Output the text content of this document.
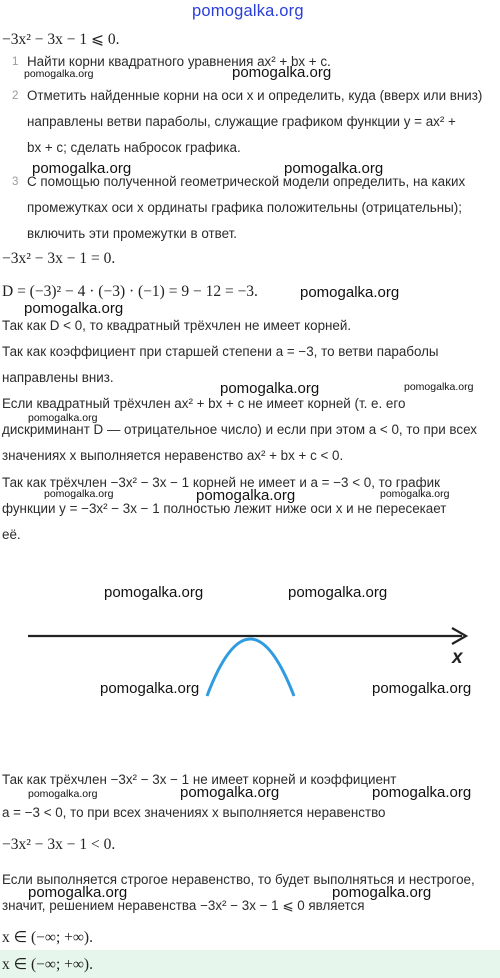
pomogalka.org
−3x² − 3x − 1 ⩽ 0.
1 Найти корни квадратного уравнения ax² + bx + c.
2 Отметить найденные корни на оси x и определить, куда (вверх или вниз)
направлены ветви параболы, служащие графиком функции y = ax² +
bx + c; сделать набросок графика.
3 С помощью полученной геометрической модели определить, на каких
промежутках оси x ординаты графика положительны (отрицательны);
включить эти промежутки в ответ.
−3x² − 3x − 1 = 0.
D = (−3)² − 4 · (−3) · (−1) = 9 − 12 = −3.
Так как D < 0, то квадратный трёхчлен не имеет корней.
Так как коэффициент при старшей степени a = −3, то ветви параболы
направлены вниз.
Если квадратный трёхчлен ax² + bx + c не имеет корней (т. е. его
дискриминант D — отрицательное число) и если при этом a < 0, то при всех
значениях x выполняется неравенство ax² + bx + c < 0.
Так как трёхчлен −3x² − 3x − 1 корней не имеет и a = −3 < 0, то график
функции y = −3x² − 3x − 1 полностью лежит ниже оси x и не пересекает
её.
x
Так как трёхчлен −3x² − 3x − 1 не имеет корней и коэффициент
a = −3 < 0, то при всех значениях x выполняется неравенство
−3x² − 3x − 1 < 0.
Если выполняется строгое неравенство, то будет выполняться и нестрогое,
значит, решением неравенства −3x² − 3x − 1 ⩽ 0 является
x ∈ (−∞; +∞).
x ∈ (−∞; +∞).
pomogalka.org	pomogalka.org
pomogalka.org	pomogalka.org
pomogalka.org
pomogalka.org
pomogalka.org	pomogalka.org
pomogalka.org
pomogalka.org	pomogalka.org	pomogalka.org
pomogalka.org	pomogalka.org
pomogalka.org	pomogalka.org
pomogalka.org	pomogalka.org	pomogalka.org
pomogalka.org	pomogalka.org
